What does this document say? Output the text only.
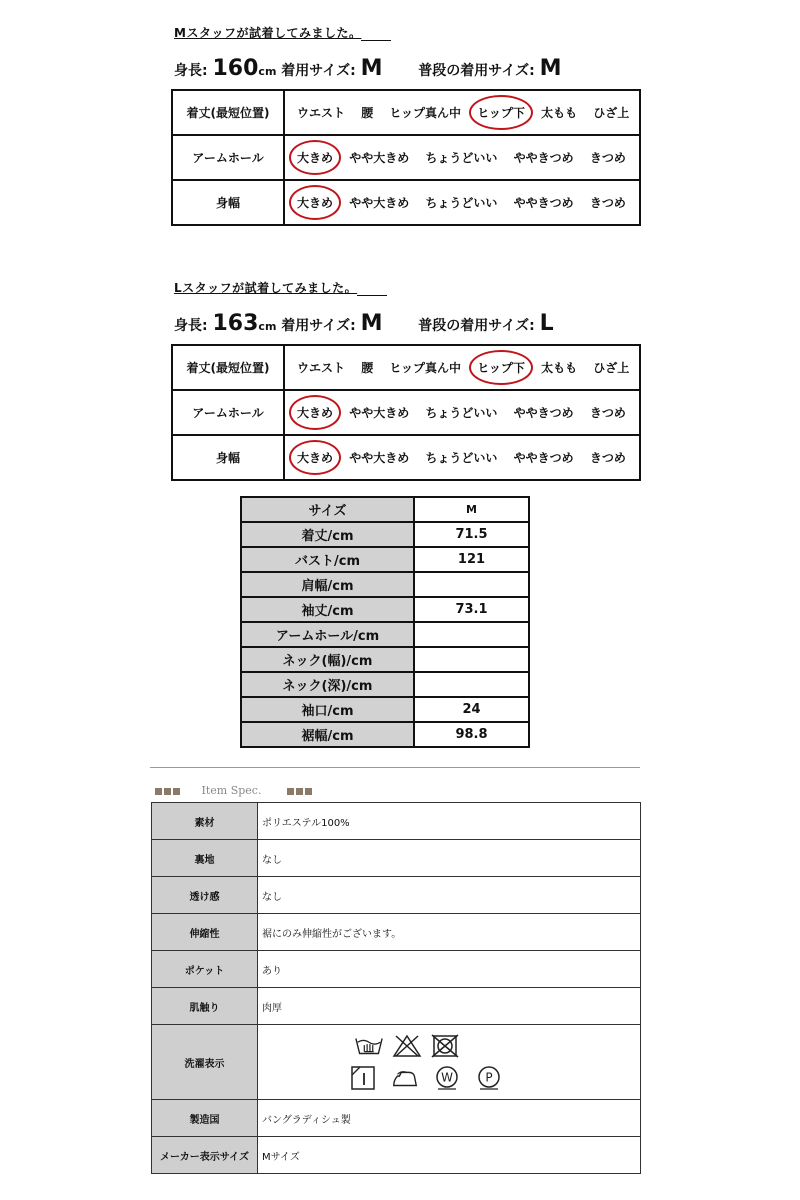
Mスタッフが試着してみました。
身長: 160cm 着用サイズ: M	普段の着用サイズ: M
着丈(最短位置)	ウエスト 腰 ヒップ真ん中 ヒップ下 太もも ひざ上
アームホール	大きめ やや大きめ ちょうどいい ややきつめ きつめ
身幅	大きめ やや大きめ ちょうどいい ややきつめ きつめ
Lスタッフが試着してみました。
身長: 163cm 着用サイズ: M	普段の着用サイズ: L
着丈(最短位置)	ウエスト 腰 ヒップ真ん中 ヒップ下 太もも ひざ上
アームホール	大きめ やや大きめ ちょうどいい ややきつめ きつめ
身幅	大きめ やや大きめ ちょうどいい ややきつめ きつめ
サイズ	M
着丈/cm	71.5
バスト/cm	121
肩幅/cm	
袖丈/cm	73.1
アームホール/cm	
ネック(幅)/cm	
ネック(深)/cm	
袖口/cm	24
裾幅/cm	98.8
Item Spec.
素材	ポリエステル100%
裏地	なし
透け感	なし
伸縮性	裾にのみ伸縮性がございます。
ポケット	あり
肌触り	肉厚
洗濯表示	W P

製造国	バングラディシュ製
メーカー表示サイズ	Mサイズ
